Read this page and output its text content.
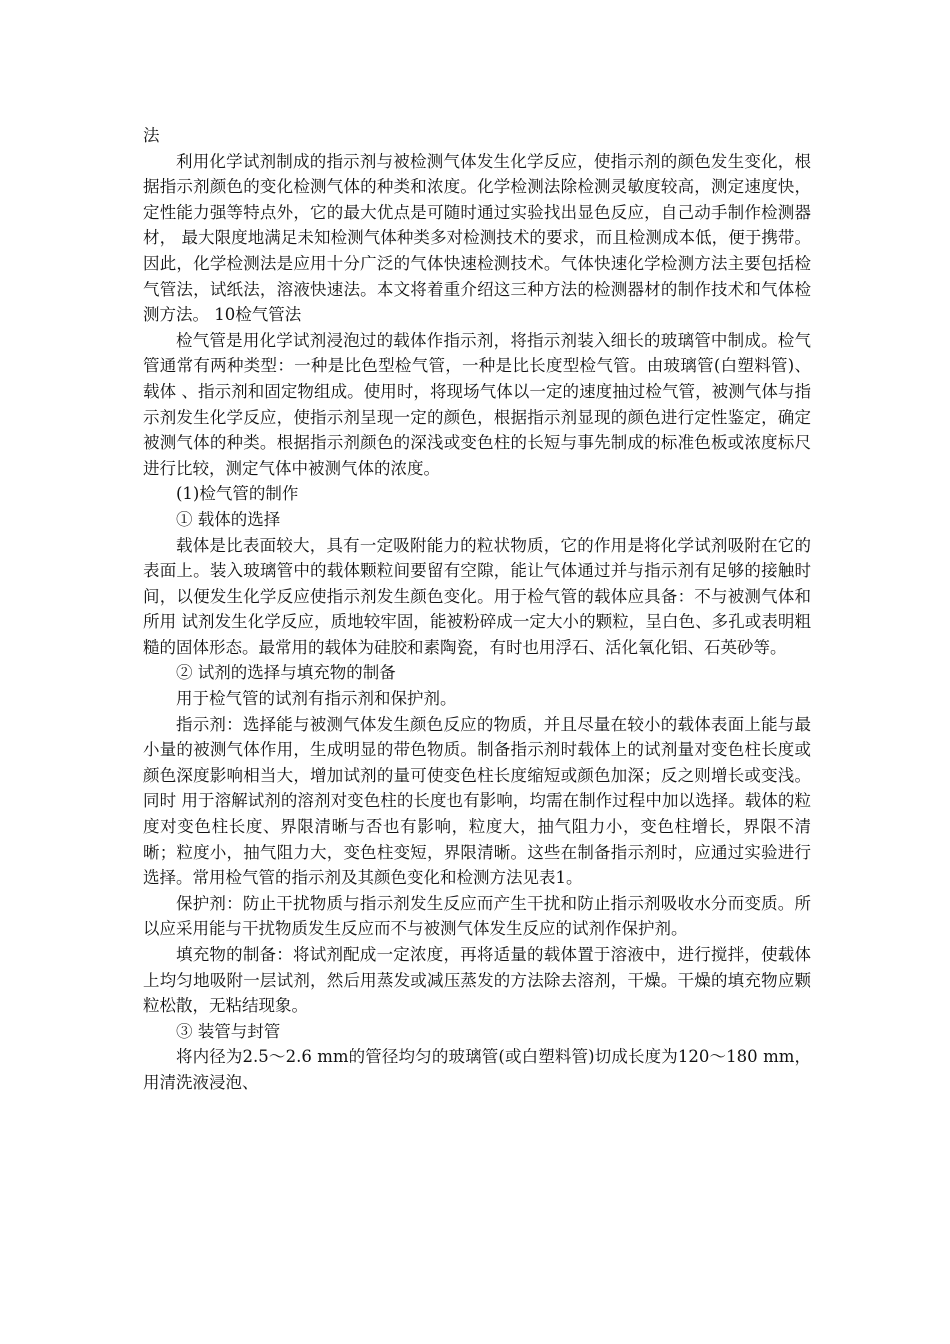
法

利用化学试剂制成的指示剂与被检测气体发生化学反应，使指示剂的颜色发生变化，根据指示剂颜色的变化检测气体的种类和浓度。化学检测法除检测灵敏度较高，测定速度快，定性能力强等特点外，它的最大优点是可随时通过实验找出显色反应，自己动手制作检测器材， 最大限度地满足未知检测气体种类多对检测技术的要求，而且检测成本低，便于携带。因此，化学检测法是应用十分广泛的气体快速检测技术。气体快速化学检测方法主要包括检气管法，试纸法，溶液快速法。本文将着重介绍这三种方法的检测器材的制作技术和气体检测方法。 10检气管法

检气管是用化学试剂浸泡过的载体作指示剂，将指示剂装入细长的玻璃管中制成。检气管通常有两种类型：一种是比色型检气管，一种是比长度型检气管。由玻璃管(白塑料管)、载体 、指示剂和固定物组成。使用时，将现场气体以一定的速度抽过检气管，被测气体与指示剂发生化学反应，使指示剂呈现一定的颜色，根据指示剂显现的颜色进行定性鉴定，确定被测气体的种类。根据指示剂颜色的深浅或变色柱的长短与事先制成的标准色板或浓度标尺进行比较，测定气体中被测气体的浓度。

(1)检气管的制作

① 载体的选择

载体是比表面较大，具有一定吸附能力的粒状物质，它的作用是将化学试剂吸附在它的表面上。装入玻璃管中的载体颗粒间要留有空隙，能让气体通过并与指示剂有足够的接触时间，以便发生化学反应使指示剂发生颜色变化。用于检气管的载体应具备：不与被测气体和所用 试剂发生化学反应，质地较牢固，能被粉碎成一定大小的颗粒，呈白色、多孔或表明粗糙的固体形态。最常用的载体为硅胶和素陶瓷，有时也用浮石、活化氧化铝、石英砂等。

② 试剂的选择与填充物的制备

用于检气管的试剂有指示剂和保护剂。

指示剂：选择能与被测气体发生颜色反应的物质，并且尽量在较小的载体表面上能与最小量的被测气体作用，生成明显的带色物质。制备指示剂时载体上的试剂量对变色柱长度或颜色深度影响相当大，增加试剂的量可使变色柱长度缩短或颜色加深；反之则增长或变浅。同时 用于溶解试剂的溶剂对变色柱的长度也有影响，均需在制作过程中加以选择。载体的粒度对变色柱长度、界限清晰与否也有影响，粒度大，抽气阻力小，变色柱增长，界限不清晰；粒度小，抽气阻力大，变色柱变短，界限清晰。这些在制备指示剂时，应通过实验进行选择。常用检气管的指示剂及其颜色变化和检测方法见表1。

保护剂：防止干扰物质与指示剂发生反应而产生干扰和防止指示剂吸收水分而变质。所以应采用能与干扰物质发生反应而不与被测气体发生反应的试剂作保护剂。

填充物的制备：将试剂配成一定浓度，再将适量的载体置于溶液中，进行搅拌，使载体上均匀地吸附一层试剂，然后用蒸发或减压蒸发的方法除去溶剂，干燥。干燥的填充物应颗粒松散，无粘结现象。

③ 装管与封管

将内径为2.5～2.6 mm的管径均匀的玻璃管(或白塑料管)切成长度为120～180 mm，用清洗液浸泡、
